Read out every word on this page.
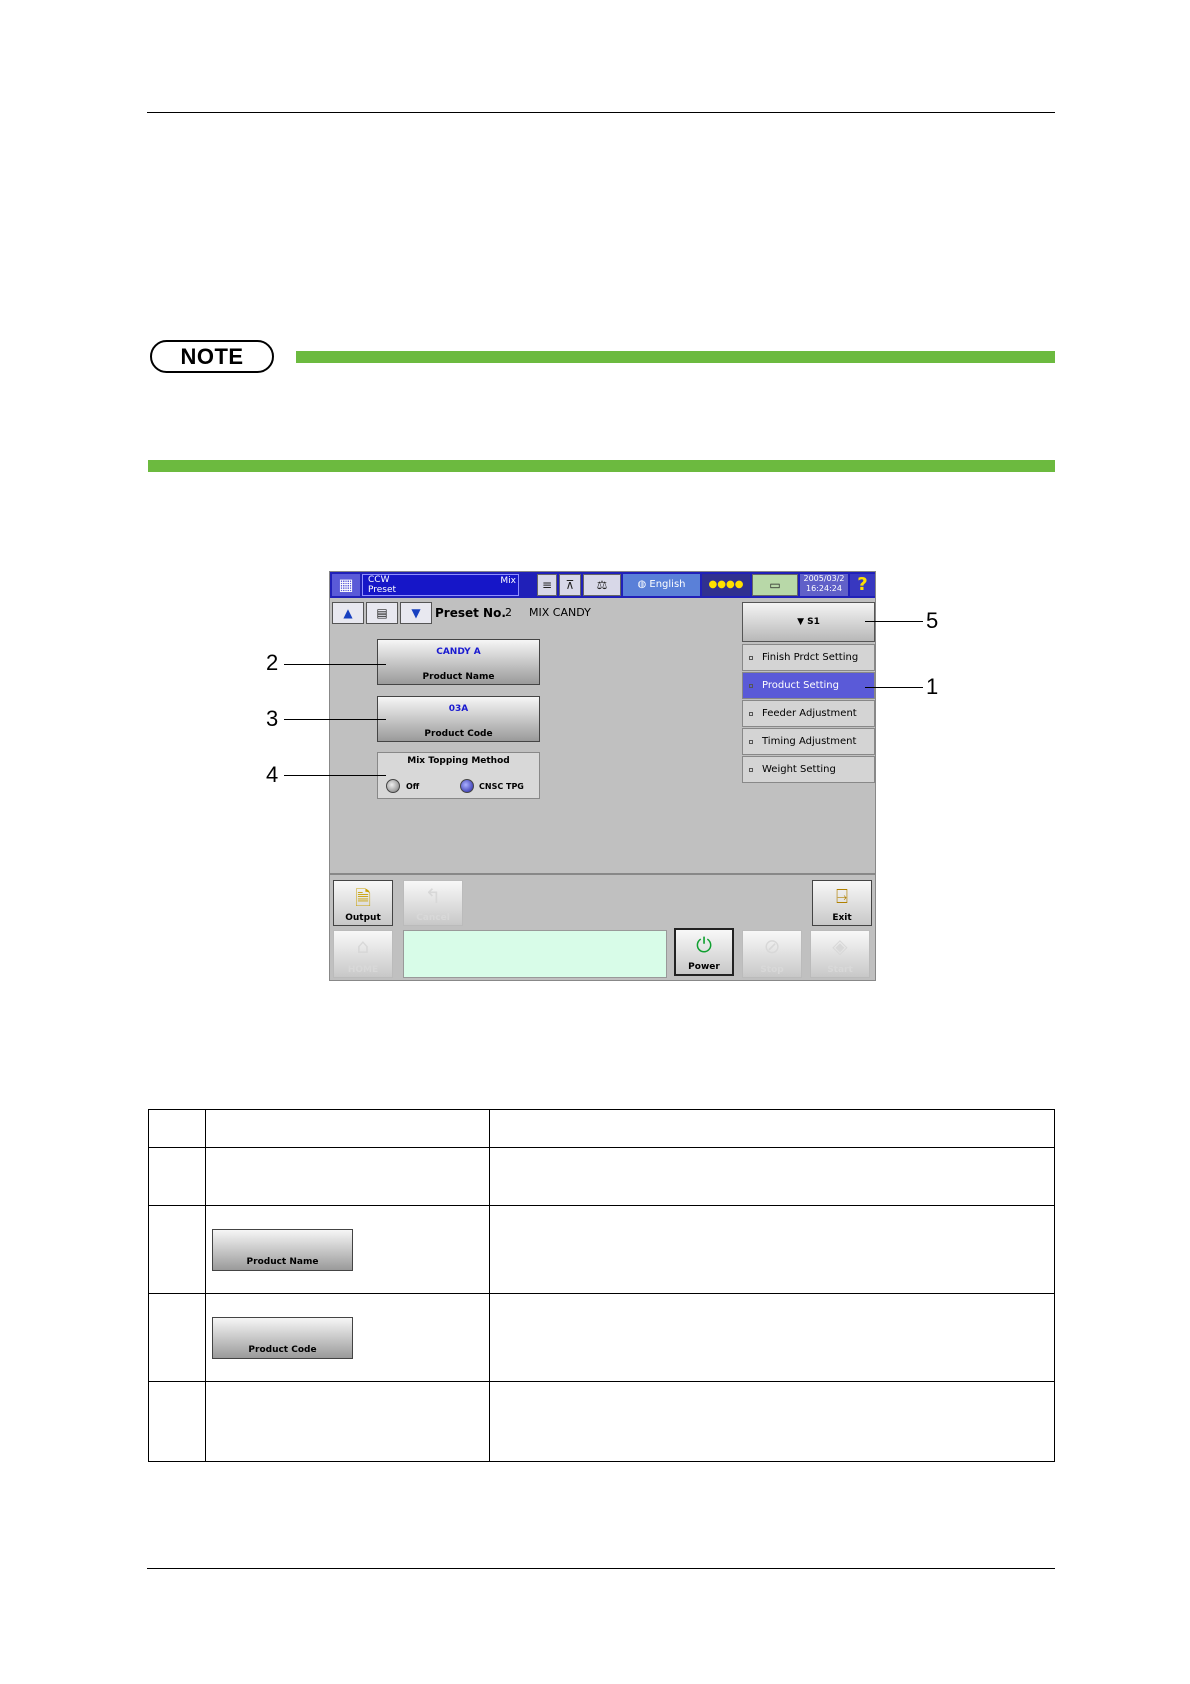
NOTE
▦	CCW
Preset
Mix	≡	⊼	⚖	◍ English	●●●●	▭	2005/03/2
16:24:24 ?
▲	▤	▼	Preset No. 2 MIX CANDY
▼ S1
Finish Prdct Setting
Product Setting
Feeder Adjustment
Timing Adjustment
Weight Setting
CANDY A
Product Name
03A
Product Code
Mix Topping Method
Off	CNSC TPG
🗎
Output
↰
Cancel
⍈
Exit
⌂
HOME
⏻
Power
⊘
Stop
◈
Start
2
3
4
5
1

	Product Name	

	Product Code	
